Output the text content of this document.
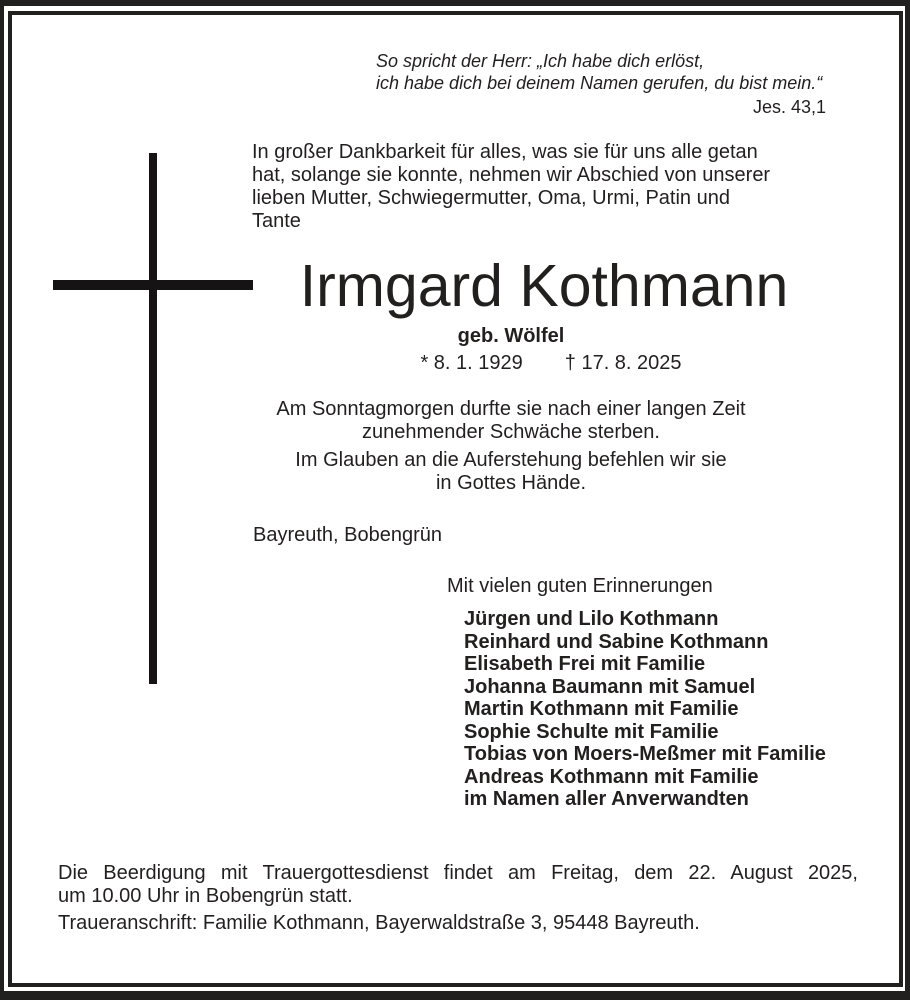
So spricht der Herr: „Ich habe dich erlöst,
ich habe dich bei deinem Namen gerufen, du bist mein.“
Jes. 43,1
In großer Dankbarkeit für alles, was sie für uns alle getan
hat, solange sie konnte, nehmen wir Abschied von unserer
lieben Mutter, Schwiegermutter, Oma, Urmi, Patin und
Tante
Irmgard Kothmann
geb. Wölfel
* 8. 1. 1929 † 17. 8. 2025
Am Sonntagmorgen durfte sie nach einer langen Zeit
zunehmender Schwäche sterben.
Im Glauben an die Auferstehung befehlen wir sie
in Gottes Hände.
Bayreuth, Bobengrün
Mit vielen guten Erinnerungen
Jürgen und Lilo Kothmann
Reinhard und Sabine Kothmann
Elisabeth Frei mit Familie
Johanna Baumann mit Samuel
Martin Kothmann mit Familie
Sophie Schulte mit Familie
Tobias von Moers-Meßmer mit Familie
Andreas Kothmann mit Familie
im Namen aller Anverwandten
Die Beerdigung mit Trauergottesdienst findet am Freitag, dem 22. August 2025,
um 10.00 Uhr in Bobengrün statt.
Traueranschrift: Familie Kothmann, Bayerwaldstraße 3, 95448 Bayreuth.
